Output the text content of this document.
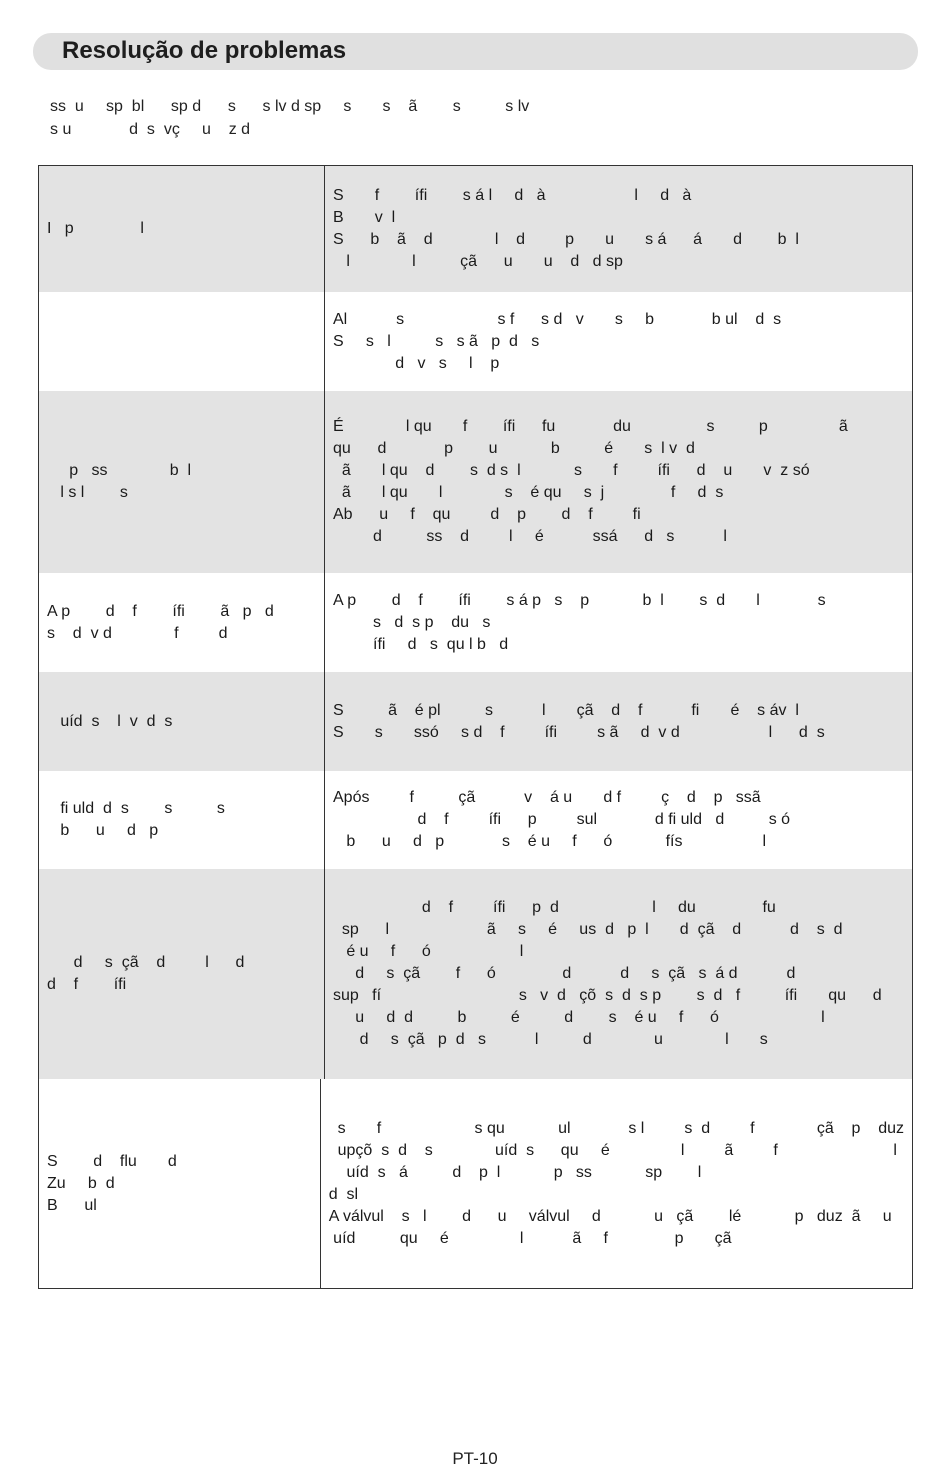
Resolução de problemas
ss  u     sp  bl      sp d      s      s lv d sp     s       s    ã        s          s lv
s u             d  s  vç     u    z d
I   p               l
S       f        ífi        s á l     d   à                    l     d   à
B       v  l
S      b    ã    d              l    d         p       u       s á      á       d        b  l
l              l          çã      u       u    d   d sp
Al           s                     s f      s d   v       s     b             b ul    d  s
S     s   l          s   s ã   p  d   s
d   v   s     l    p
p   ss              b  l
l s l        s
É              l qu       f        ífi      fu             du                 s          p                ã
qu      d             p        u            b          é       s  l v  d
ã       l qu    d        s  d s  l            s       f         ífi      d    u       v  z só
ã       l qu       l              s    é qu     s  j               f     d  s
Ab      u     f    qu         d    p        d    f         fi
d          ss    d         l     é           ssá      d   s           l
A p        d    f        ífi        ã   p   d
s    d  v d              f         d
A p        d    f        ífi        s á p   s    p            b  l        s  d       l             s
s   d  s p    du   s
ífi     d   s  qu l b   d
uíd  s    l  v  d  s
S          ã    é pl          s           l       çã    d    f           fi       é    s áv  l
S       s       ssó     s d    f         ífi         s ã     d  v d                    l      d  s
fi uld  d  s        s          s
b      u     d   p
Após         f          çã           v    á u       d f         ç    d    p   ssã
d    f         ífi      p         sul             d fi uld   d          s ó
b      u     d   p             s    é u     f      ó            fís                  l
d     s  çã    d         l      d
d    f        ífi
d    f         ífi      p  d                     l     du               fu
sp      l                      ã     s     é     us  d   p  l       d  çã    d           d    s  d
é u     f      ó                    l
d     s  çã        f      ó               d           d     s  çã   s  á d           d
sup   fí                               s   v  d   çõ  s  d  s p        s  d   f          ífi       qu      d
u     d  d          b          é          d        s    é u     f      ó                       l
d     s  çã   p  d   s           l          d              u              l       s
S        d    flu       d
Zu     b  d
B      ul
s       f                     s qu            ul             s l         s  d         f              çã    p    duz
upçõ  s  d    s              uíd  s      qu     é                l         ã         f                          l
uíd  s   á          d    p  l            p   ss            sp        l
d  sl
A válvul    s   l        d      u     válvul     d            u   çã        lé            p   duz  ã     u
uíd          qu     é                l           ã     f               p       çã
PT-10
